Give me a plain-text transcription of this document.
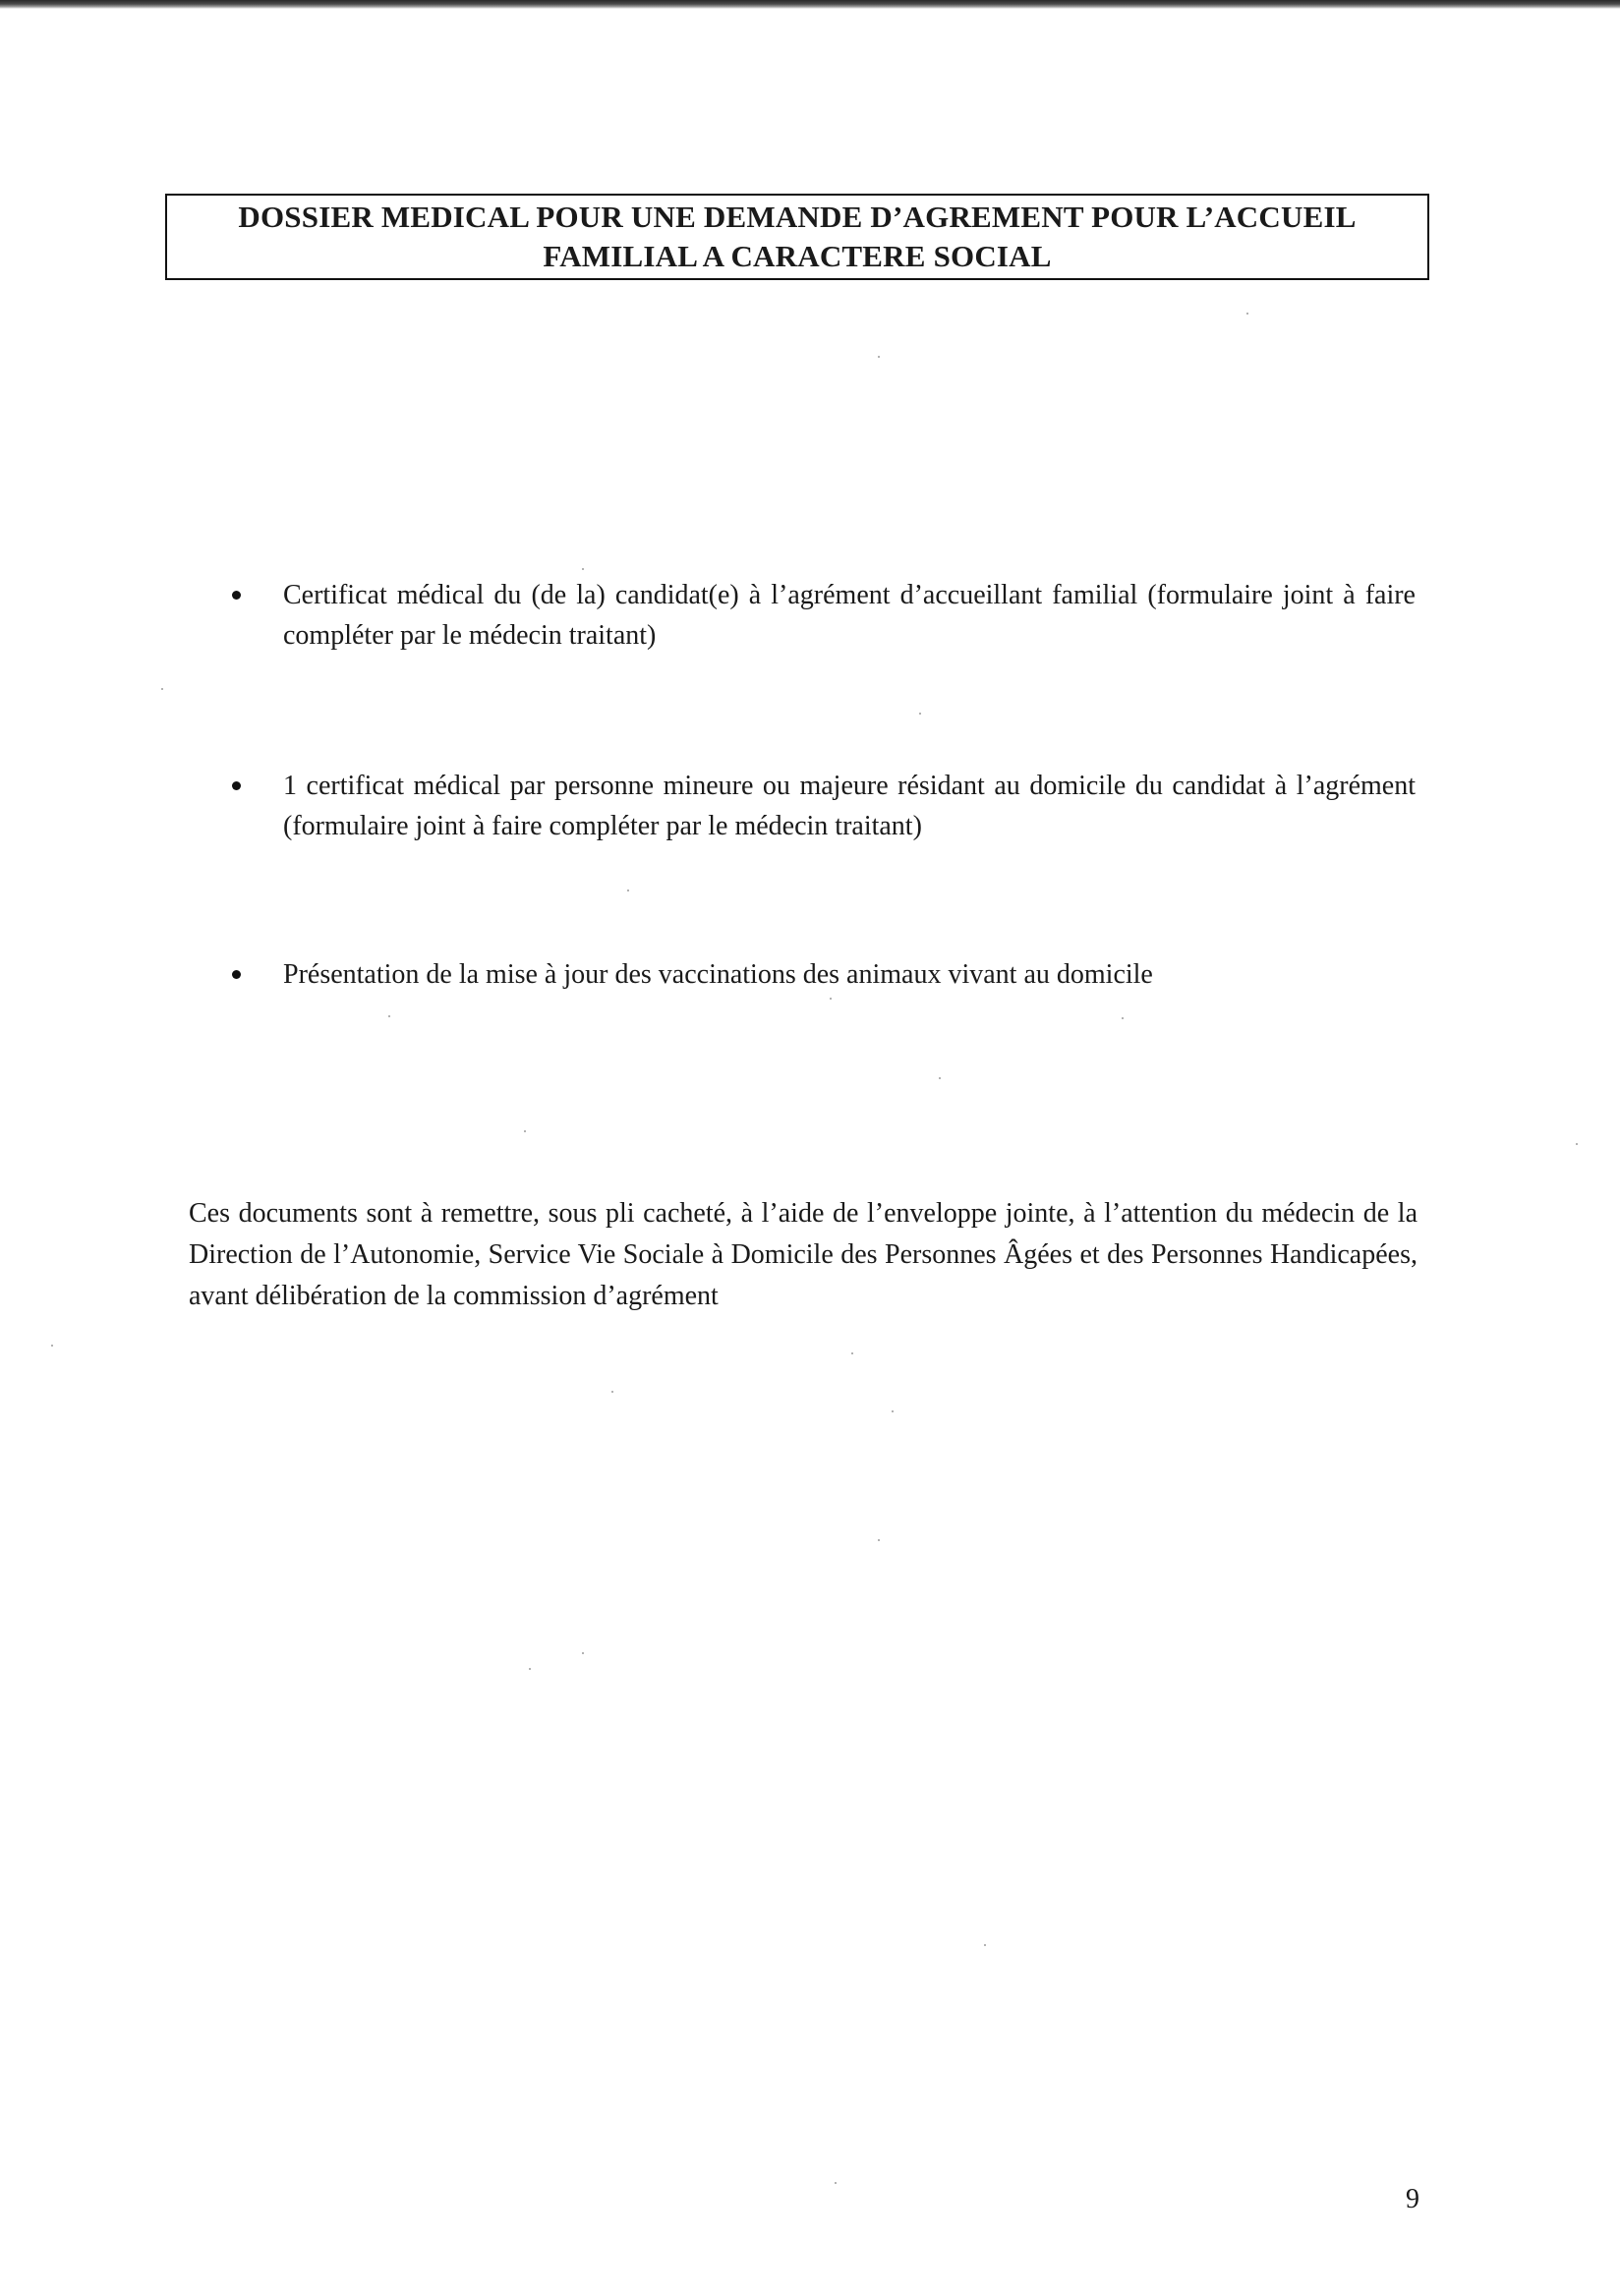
DOSSIER MEDICAL POUR UNE DEMANDE D’AGREMENT POUR L’ACCUEIL
FAMILIAL A CARACTERE SOCIAL
Certificat médical du (de la) candidat(e) à l’agrément d’accueillant familial (formulaire joint à faire compléter par le médecin traitant)
1 certificat médical par personne mineure ou majeure résidant au domicile du candidat à l’agrément (formulaire joint à faire compléter par le médecin traitant)
Présentation de la mise à jour des vaccinations des animaux vivant au domicile

Ces documents sont à remettre, sous pli cacheté, à l’aide de l’enveloppe jointe, à l’attention du médecin de la Direction de l’Autonomie, Service Vie Sociale à Domicile des Personnes Âgées et des Personnes Handicapées, avant délibération de la commission d’agrément

9
